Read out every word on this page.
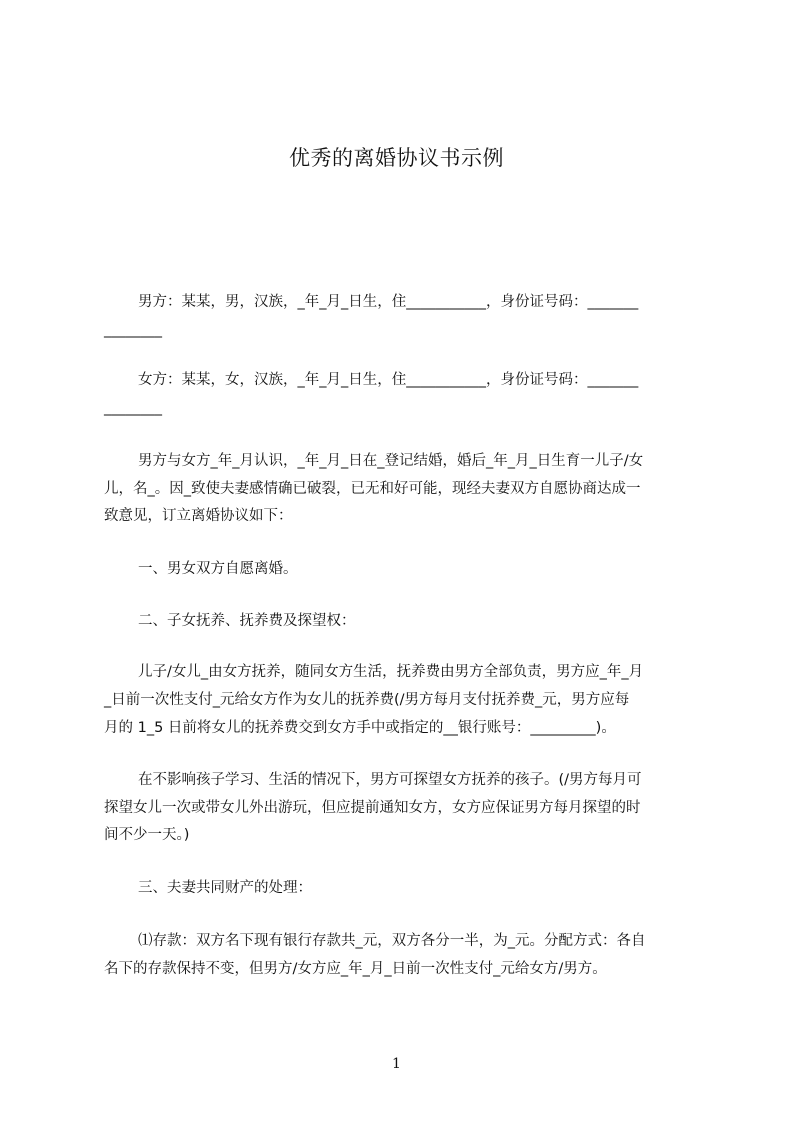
优秀的离婚协议书示例
男方：某某，男，汉族，_年_月_日生，住___________，身份证号码：_______
________
女方：某某，女，汉族，_年_月_日生，住___________，身份证号码：_______
________
男方与女方_年_月认识，_年_月_日在_登记结婚，婚后_年_月_日生育一儿子/女
儿，名_。因_致使夫妻感情确已破裂，已无和好可能，现经夫妻双方自愿协商达成一
致意见，订立离婚协议如下：
一、男女双方自愿离婚。
二、子女抚养、抚养费及探望权：
儿子/女儿_由女方抚养，随同女方生活，抚养费由男方全部负责，男方应_年_月
_日前一次性支付_元给女方作为女儿的抚养费(/男方每月支付抚养费_元，男方应每
月的 1_5 日前将女儿的抚养费交到女方手中或指定的__银行账号：_________)。
在不影响孩子学习、生活的情况下，男方可探望女方抚养的孩子。(/男方每月可
探望女儿一次或带女儿外出游玩，但应提前通知女方，女方应保证男方每月探望的时
间不少一天。)
三、夫妻共同财产的处理：
⑴存款：双方名下现有银行存款共_元，双方各分一半，为_元。分配方式：各自
名下的存款保持不变，但男方/女方应_年_月_日前一次性支付_元给女方/男方。
1
